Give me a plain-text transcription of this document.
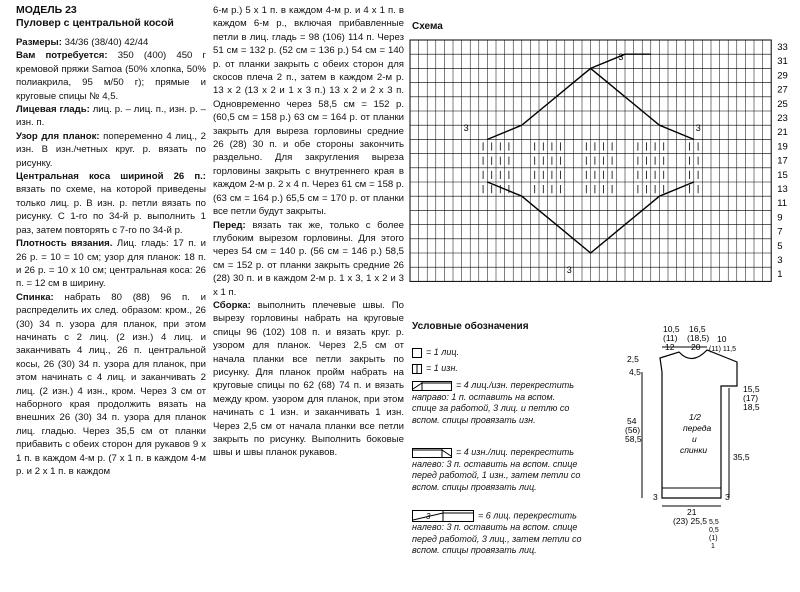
МОДЕЛЬ 23
Пуловер с центральной косой

Размеры: 34/36 (38/40) 42/44

Вам потребуется: 350 (400) 450 г кремовой пряжи Samoa (50% хлопка, 50% полиакрила, 95 м/50 г); прямые и круговые спицы № 4,5.

Лицевая гладь: лиц. р. – лиц. п., изн. р. – изн. п.

Узор для планок: попеременно 4 лиц., 2 изн. В изн./четных круг. р. вязать по рисунку.

Центральная коса шириной 26 п.: вязать по схеме, на которой приведены только лиц. р. В изн. р. петли вязать по рисунку. С 1-го по 34-й р. выполнить 1 раз, затем повторять с 7-го по 34-й р.

Плотность вязания. Лиц. гладь: 17 п. и 26 р. = 10 = 10 см; узор для планок: 18 п. и 26 р. = 10 х 10 см; центральная коса: 26 п. = 12 см в ширину.

Спинка: набрать 80 (88) 96 п. и распределить их след. образом: кром., 26 (30) 34 п. узора для планок, при этом начинать с 2 лиц. (2 изн.) 4 лиц. и заканчивать 4 лиц., 26 п. центральной косы, 26 (30) 34 п. узора для планок, при этом начинать с 4 лиц. и заканчивать 2 лиц. (2 изн.) 4 изн., кром. Через 3 см от наборного края продолжить вязать на внешних 26 (30) 34 п. узора для планок лиц. гладью. Через 35,5 см от планки прибавить с обеих сторон для рукавов 9 х 1 п. в каждом 4-м р. (7 х 1 п. в каждом 4-м р. и 2 х 1 п. в каждом

6-м р.) 5 х 1 п. в каждом 4-м р. и 4 х 1 п. в каждом 6-м р., включая прибавленные петли в лиц. гладь = 98 (106) 114 п. Через 51 см = 132 р. (52 см = 136 р.) 54 см = 140 р. от планки закрыть с обеих сторон для скосов плеча 2 п., затем в каждом 2-м р. 13 х 2 (13 х 2 и 1 х 3 п.) 13 х 2 и 2 х 3 п. Одновременно через 58,5 см = 152 р. (60,5 см = 158 р.) 63 см = 164 р. от планки закрыть для выреза горловины средние 26 (28) 30 п. и обе стороны закончить раздельно. Для закругления выреза горловины закрыть с внутреннего края в каждом 2-м р. 2 х 4 п. Через 61 см = 158 р. (63 см = 164 р.) 65,5 см = 170 р. от планки все петли будут закрыты.

Перед: вязать так же, только с более глубоким вырезом горловины. Для этого через 54 см = 140 р. (56 см = 146 р.) 58,5 см = 152 р. от планки закрыть средние 26 (28) 30 п. и в каждом 2-м р. 1 х 3, 1 х 2 и 3 х 1 п.

Сборка: выполнить плечевые швы. По вырезу горловины набрать на круговые спицы 96 (102) 108 п. и вязать круг. р. узором для планок. Через 2,5 см от начала планки все петли закрыть по рисунку. Для планок пройм набрать на круговые спицы по 62 (68) 74 п. и вязать между кром. узором для планок, при этом начинать с 1 изн. и заканчивать 1 изн. Через 2,5 см от начала планки все петли закрыть по рисунку. Выполнить боковые швы и швы планок рукавов.

Схема
3
3	3
3
33
31
29
27
25
23
21
19
17
15
13
11
9
7
5
3
1
Условные обозначения
= 1 лиц.
= 1 изн.
= 4 лиц./изн. перекрестить направо: 1 п. оставить на вспом. спице за работой, 3 лиц. и петлю со вспом. спицы провязать изн.
= 4 изн./лиц. перекрестить налево: 3 п. оставить на вспом. спице перед работой, 1 изн., затем петли со вспом. спицы провязать лиц.
3	= 6 лиц. перекрестить налево: 3 п. оставить на вспом. спице перед работой, 3 лиц., затем петли со вспом. спицы провязать лиц.
10,5
(11)
12
16,5
(18,5)
20
10
(11) 11,5
2,5
4,5
54
(56)
58,5
1/2
переда
и
спинки
15,5
(17)
18,5
35,5
3	3
21
(23) 25,5 5,5
0,5
(1)
1
